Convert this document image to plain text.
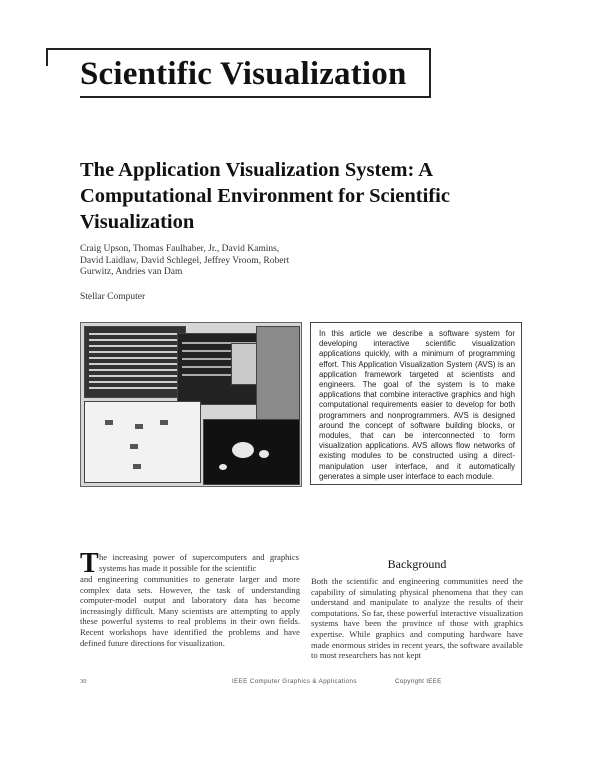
Scientific Visualization
The Application Visualization System: A Computational Environment for Scientific Visualization
Craig Upson, Thomas Faulhaber, Jr., David Kamins, David Laidlaw, David Schlegel, Jeffrey Vroom, Robert Gurwitz, Andries van Dam
Stellar Computer
In this article we describe a software system for developing interactive scientific visualization applications quickly, with a minimum of programming effort. This Application Visualization System (AVS) is an application framework targeted at scientists and engineers. The goal of the system is to make applications that combine interactive graphics and high computational requirements easier to develop for both programmers and nonprogrammers. AVS is designed around the concept of software building blocks, or modules, that can be interconnected to form visualization applications. AVS allows flow networks of existing modules to be constructed using a direct-manipulation user interface, and it automatically generates a simple user interface to each module.
T he increasing power of supercomputers and graphics systems has made it possible for the scientific
and engineering communities to generate larger and more complex data sets. However, the task of understanding computer-model output and laboratory data has become increasingly difficult. Many scientists are attempting to apply these powerful systems to real problems in their own fields. Recent workshops have identified the problems and have defined future directions for visualization.
Background
Both the scientific and engineering communities need the capability of simulating physical phenomena that they can understand and manipulate to analyze the results of their computations. So far, these powerful interactive visualization systems have been the province of those with graphics expertise. While graphics and computing hardware have made enormous strides in recent years, the software available to most researchers has not kept
30	IEEE Computer Graphics & Applications	Copyright IEEE
